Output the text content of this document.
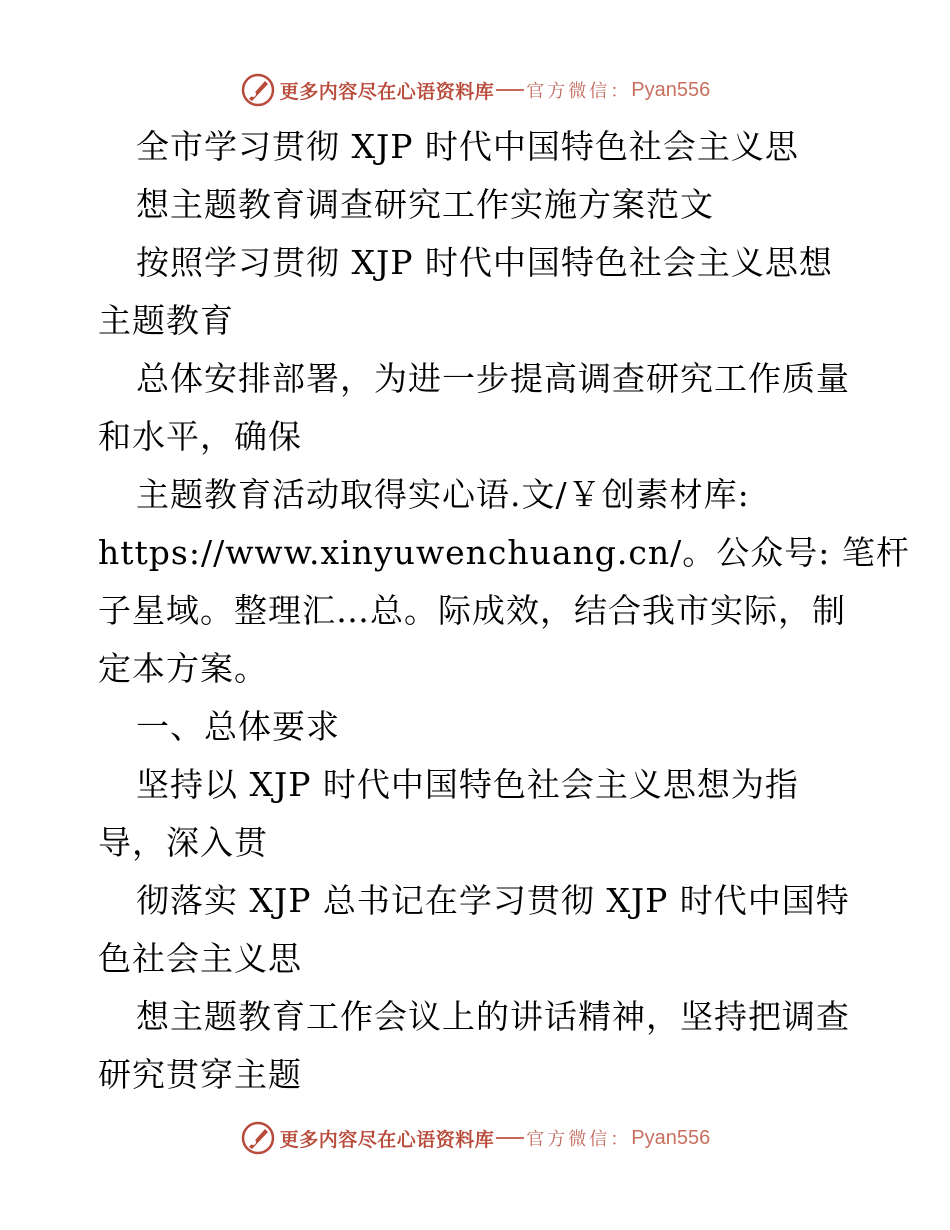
更多内容尽在心语资料库 官方微信： Pyan556
全市学习贯彻 XJP 时代中国特色社会主义思
想主题教育调查研究工作实施方案范文
按照学习贯彻 XJP 时代中国特色社会主义思想
主题教育
总体安排部署，为进一步提高调查研究工作质量
和水平，确保
主题教育活动取得实心语.文/￥创素材库:
https://www.xinyuwenchuang.cn/。公众号: 笔杆
子星域。整理汇…总。际成效，结合我市实际，制
定本方案。
一、总体要求
坚持以 XJP 时代中国特色社会主义思想为指
导，深入贯
彻落实 XJP 总书记在学习贯彻 XJP 时代中国特
色社会主义思
想主题教育工作会议上的讲话精神，坚持把调查
研究贯穿主题
更多内容尽在心语资料库 官方微信： Pyan556
